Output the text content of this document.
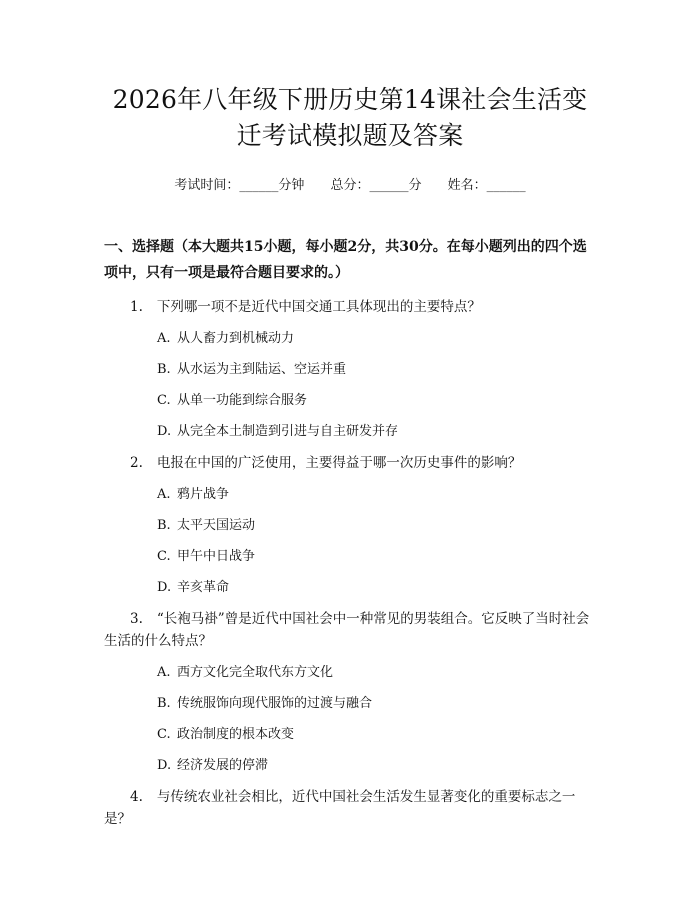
2026年八年级下册历史第14课社会生活变
迁考试模拟题及答案
考试时间：______分钟 总分：______分 姓名：______
一、选择题（本大题共15小题，每小题2分，共30分。在每小题列出的四个选项中，只有一项是最符合题目要求的。）
1. 下列哪一项不是近代中国交通工具体现出的主要特点？
A. 从人畜力到机械动力
B. 从水运为主到陆运、空运并重
C. 从单一功能到综合服务
D. 从完全本土制造到引进与自主研发并存
2. 电报在中国的广泛使用，主要得益于哪一次历史事件的影响？
A. 鸦片战争
B. 太平天国运动
C. 甲午中日战争
D. 辛亥革命
3. “长袍马褂”曾是近代中国社会中一种常见的男装组合。它反映了当时社会生活的什么特点？
A. 西方文化完全取代东方文化
B. 传统服饰向现代服饰的过渡与融合
C. 政治制度的根本改变
D. 经济发展的停滞
4. 与传统农业社会相比，近代中国社会生活发生显著变化的重要标志之一是？
